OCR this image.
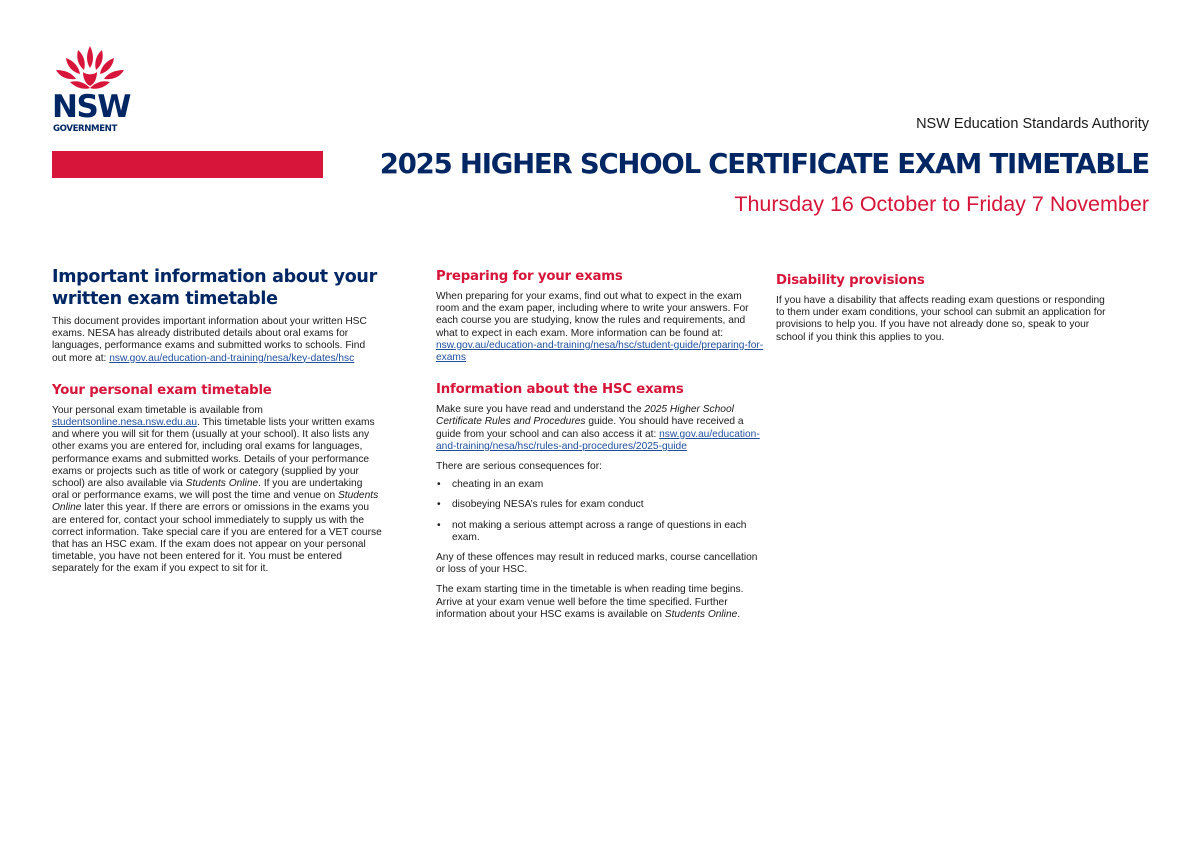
NSW
GOVERNMENT	NSW Education Standards Authority
2025 HIGHER SCHOOL CERTIFICATE EXAM TIMETABLE
Thursday 16 October to Friday 7 November
Important information about your written exam timetable

This document provides important information about your written HSC exams. NESA has already distributed details about oral exams for languages, performance exams and submitted works to schools. Find out more at: nsw.gov.au/education-and-training/nesa/key-dates/hsc

Your personal exam timetable

Your personal exam timetable is available from studentsonline.nesa.nsw.edu.au. This timetable lists your written exams and where you will sit for them (usually at your school). It also lists any other exams you are entered for, including oral exams for languages, performance exams and submitted works. Details of your performance exams or projects such as title of work or category (supplied by your school) are also available via Students Online. If you are undertaking oral or performance exams, we will post the time and venue on Students Online later this year. If there are errors or omissions in the exams you are entered for, contact your school immediately to supply us with the correct information. Take special care if you are entered for a VET course that has an HSC exam. If the exam does not appear on your personal timetable, you have not been entered for it. You must be entered separately for the exam if you expect to sit for it.

Preparing for your exams

When preparing for your exams, find out what to expect in the exam room and the exam paper, including where to write your answers. For each course you are studying, know the rules and requirements, and what to expect in each exam. More information can be found at: nsw.gov.au/education-and-training/nesa/hsc/student-guide/preparing-for-exams

Information about the HSC exams

Make sure you have read and understand the 2025 Higher School Certificate Rules and Procedures guide. You should have received a guide from your school and can also access it at: nsw.gov.au/education-and-training/nesa/hsc/rules-and-procedures/2025-guide

There are serious consequences for:

• cheating in an exam
• disobeying NESA’s rules for exam conduct
• not making a serious attempt across a range of questions in each exam.

Any of these offences may result in reduced marks, course cancellation or loss of your HSC.

The exam starting time in the timetable is when reading time begins. Arrive at your exam venue well before the time specified. Further information about your HSC exams is available on Students Online.

Disability provisions

If you have a disability that affects reading exam questions or responding to them under exam conditions, your school can submit an application for provisions to help you. If you have not already done so, speak to your school if you think this applies to you.
